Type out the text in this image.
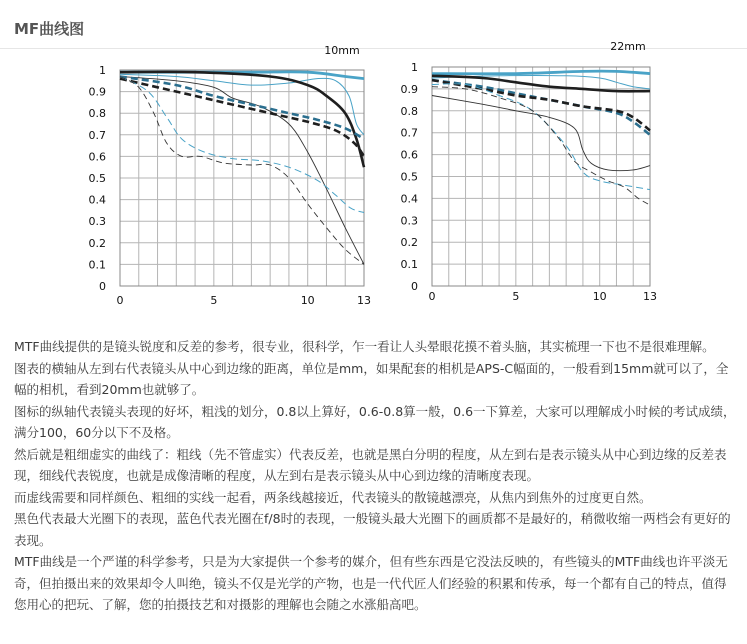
MF曲线图
10mm
1
0.9
0.8
0.7
0.6
0.5
0.4
0.3
0.2
0.1
0
0	5	10	13
22mm
1
0.9
0.8
0.7
0.6
0.5
0.4
0.3
0.2
0.1
0
0	5	10	13

MTF曲线提供的是镜头锐度和反差的参考，很专业，很科学，乍一看让人头晕眼花摸不着头脑，其实梳理一下也不是很难理解。

图表的横轴从左到右代表镜头从中心到边缘的距离，单位是mm，如果配套的相机是APS-C幅面的，一般看到15mm就可以了，全幅的相机，看到20mm也就够了。

图标的纵轴代表镜头表现的好坏，粗浅的划分，0.8以上算好，0.6-0.8算一般，0.6一下算差，大家可以理解成小时候的考试成绩，满分100，60分以下不及格。

然后就是粗细虚实的曲线了：粗线（先不管虚实）代表反差，也就是黑白分明的程度，从左到右是表示镜头从中心到边缘的反差表现，细线代表锐度，也就是成像清晰的程度，从左到右是表示镜头从中心到边缘的清晰度表现。

而虚线需要和同样颜色、粗细的实线一起看，两条线越接近，代表镜头的散镜越漂亮，从焦内到焦外的过度更自然。

黑色代表最大光圈下的表现，蓝色代表光圈在f/8时的表现，一般镜头最大光圈下的画质都不是最好的，稍微收缩一两档会有更好的表现。

MTF曲线是一个严谨的科学参考，只是为大家提供一个参考的媒介，但有些东西是它没法反映的，有些镜头的MTF曲线也许平淡无奇，但拍摄出来的效果却令人叫绝，镜头不仅是光学的产物，也是一代代匠人们经验的积累和传承，每一个都有自己的特点，值得您用心的把玩、了解，您的拍摄技艺和对摄影的理解也会随之水涨船高吧。
